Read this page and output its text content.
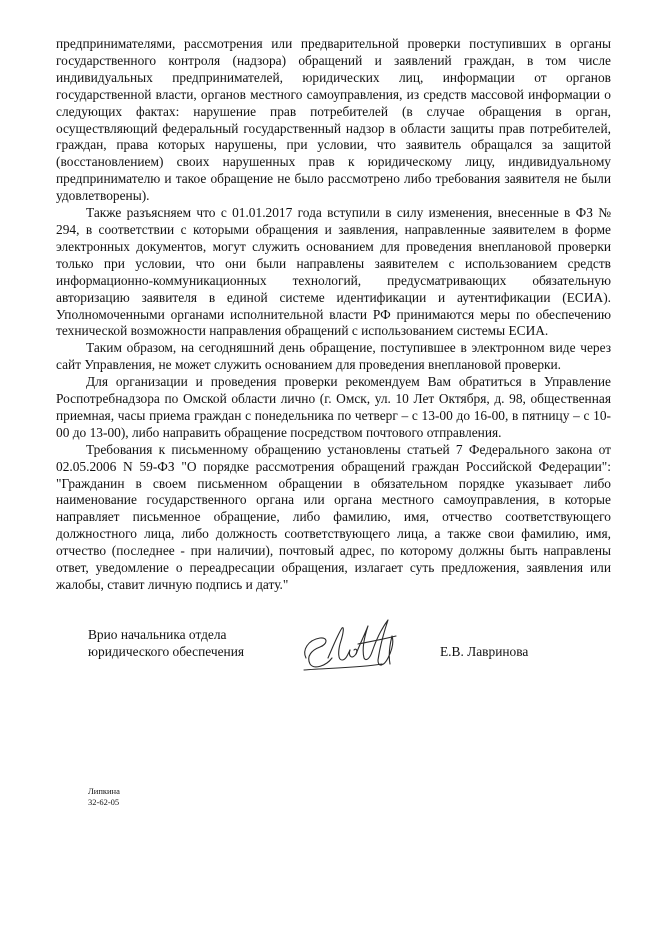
предпринимателями, рассмотрения или предварительной проверки поступивших в органы государственного контроля (надзора) обращений и заявлений граждан, в том числе индивидуальных предпринимателей, юридических лиц, информации от органов государственной власти, органов местного самоуправления, из средств массовой информации о следующих фактах: нарушение прав потребителей (в случае обращения в орган, осуществляющий федеральный государственный надзор в области защиты прав потребителей, граждан, права которых нарушены, при условии, что заявитель обращался за защитой (восстановлением) своих нарушенных прав к юридическому лицу, индивидуальному предпринимателю и такое обращение не было рассмотрено либо требования заявителя не были удовлетворены).

Также разъясняем что с 01.01.2017 года вступили в силу изменения, внесенные в ФЗ № 294, в соответствии с которыми обращения и заявления, направленные заявителем в форме электронных документов, могут служить основанием для проведения внеплановой проверки только при условии, что они были направлены заявителем с использованием средств информационно-коммуникационных технологий, предусматривающих обязательную авторизацию заявителя в единой системе идентификации и аутентификации (ЕСИА). Уполномоченными органами исполнительной власти РФ принимаются меры по обеспечению технической возможности направления обращений с использованием системы ЕСИА.

Таким образом, на сегодняшний день обращение, поступившее в электронном виде через сайт Управления, не может служить основанием для проведения внеплановой проверки.

Для организации и проведения проверки рекомендуем Вам обратиться в Управление Роспотребнадзора по Омской области лично (г. Омск, ул. 10 Лет Октября, д. 98, общественная приемная, часы приема граждан с понедельника по четверг – с 13-00 до 16-00, в пятницу – с 10-00 до 13-00), либо направить обращение посредством почтового отправления.

Требования к письменному обращению установлены статьей 7 Федерального закона от 02.05.2006 N 59-ФЗ "О порядке рассмотрения обращений граждан Российской Федерации": "Гражданин в своем письменном обращении в обязательном порядке указывает либо наименование государственного органа или органа местного самоуправления, в которые направляет письменное обращение, либо фамилию, имя, отчество соответствующего должностного лица, либо должность соответствующего лица, а также свои фамилию, имя, отчество (последнее - при наличии), почтовый адрес, по которому должны быть направлены ответ, уведомление о переадресации обращения, излагает суть предложения, заявления или жалобы, ставит личную подпись и дату."

Врио начальника отдела
юридического обеспечения	Е.В. Лавринова
Липкина
32-62-05
